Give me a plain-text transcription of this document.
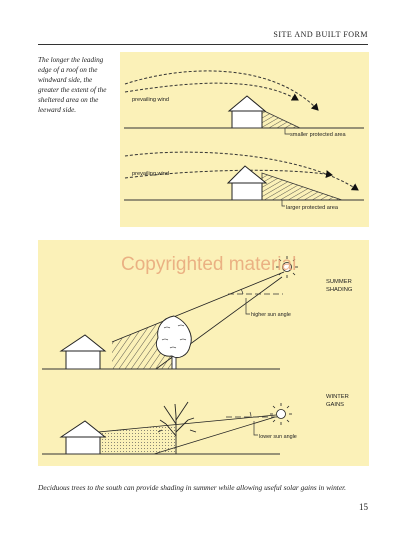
SITE AND BUILT FORM
The longer the leading edge of a roof on the windward side, the greater the extent of the sheltered area on the leeward side.
prevailing wind
smaller protected area
prevailing wind
larger protected area
SUMMER
SHADING
higher sun angle
WINTER
GAINS
lower sun angle
Copyrighted material
Deciduous trees to the south can provide shading in summer while allowing useful solar gains in winter.
15
